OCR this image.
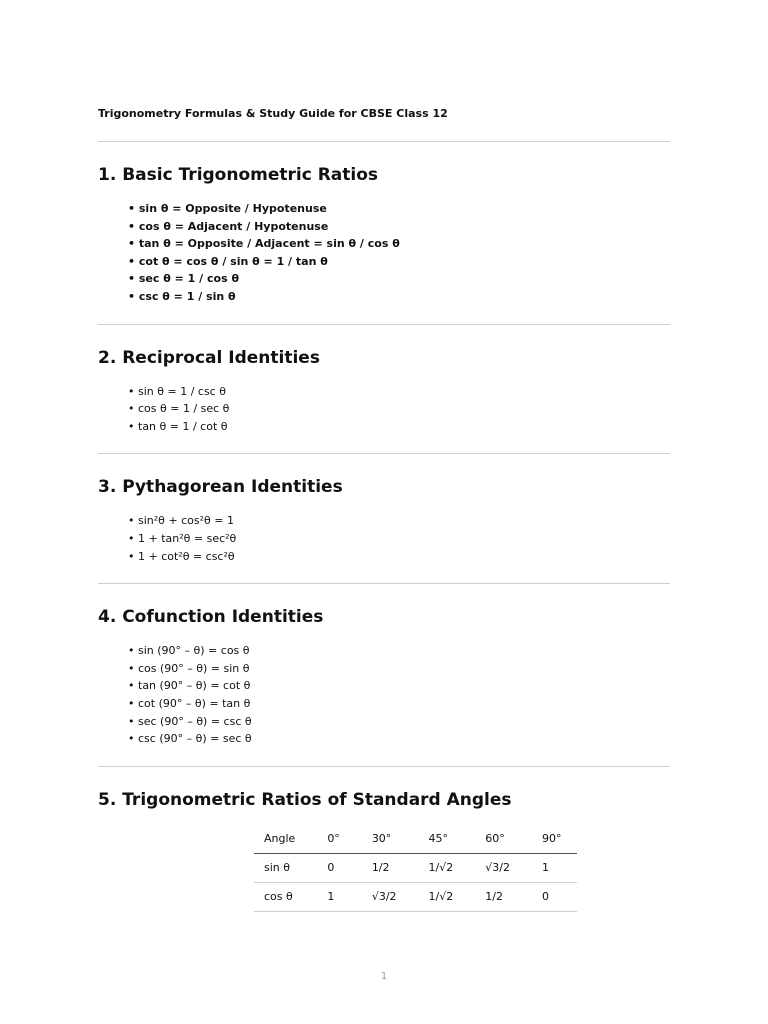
Trigonometry Formulas & Study Guide for CBSE Class 12
1. Basic Trigonometric Ratios
• sin θ = Opposite / Hypotenuse
• cos θ = Adjacent / Hypotenuse
• tan θ = Opposite / Adjacent = sin θ / cos θ
• cot θ = cos θ / sin θ = 1 / tan θ
• sec θ = 1 / cos θ
• csc θ = 1 / sin θ
2. Reciprocal Identities
• sin θ = 1 / csc θ
• cos θ = 1 / sec θ
• tan θ = 1 / cot θ
3. Pythagorean Identities
• sin²θ + cos²θ = 1
• 1 + tan²θ = sec²θ
• 1 + cot²θ = csc²θ
4. Cofunction Identities
• sin (90° – θ) = cos θ
• cos (90° – θ) = sin θ
• tan (90° – θ) = cot θ
• cot (90° – θ) = tan θ
• sec (90° – θ) = csc θ
• csc (90° – θ) = sec θ
5. Trigonometric Ratios of Standard Angles
Angle	0°	30°	45°	60°	90°
sin θ	0	1/2	1/√2	√3/2	1
cos θ	1	√3/2	1/√2	1/2	0
1
